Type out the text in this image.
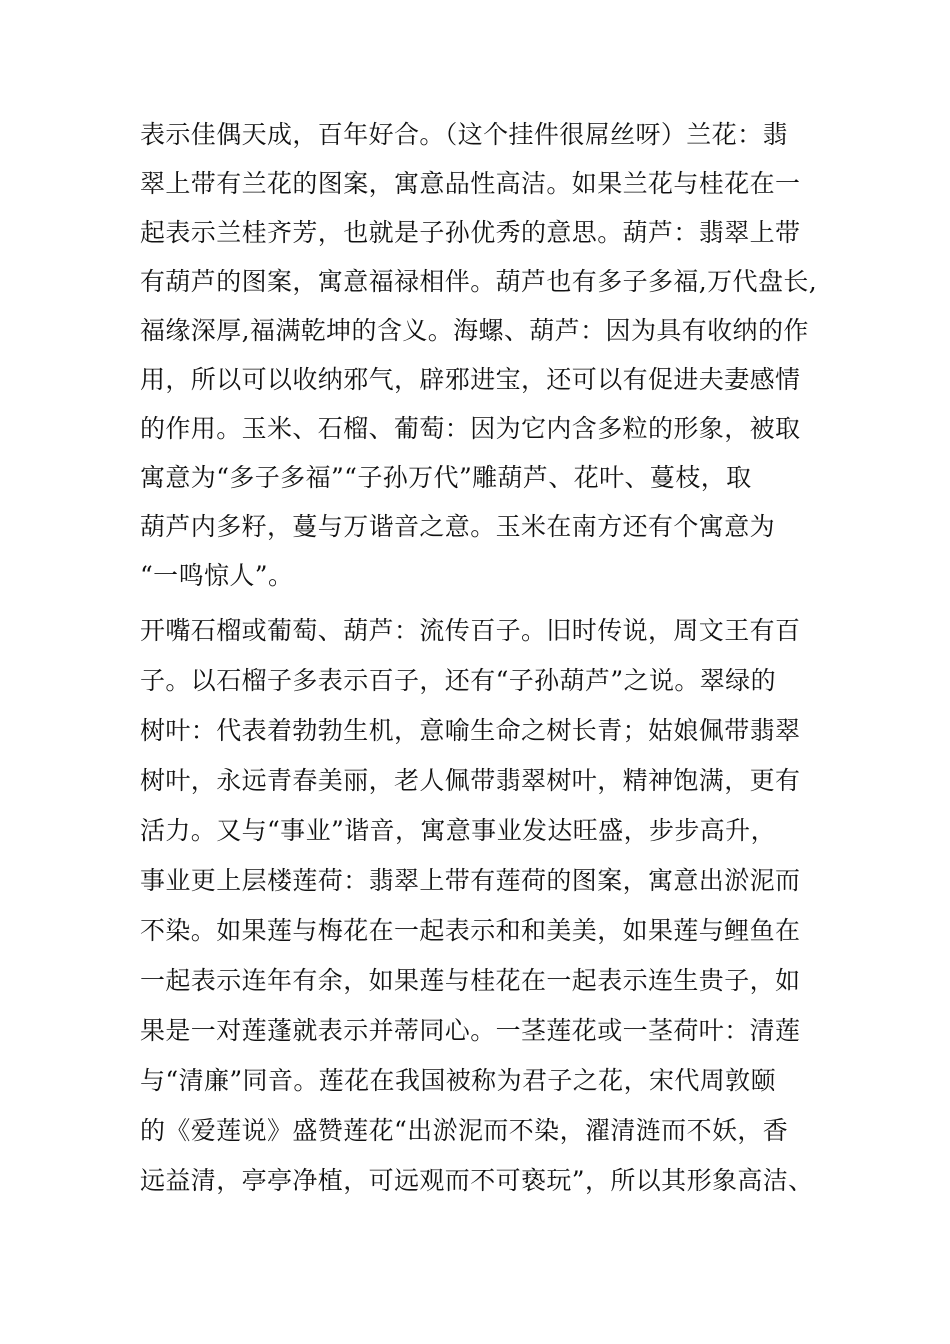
表示佳偶天成，百年好合。（这个挂件很屌丝呀）兰花：翡
翠上带有兰花的图案，寓意品性高洁。如果兰花与桂花在一
起表示兰桂齐芳，也就是子孙优秀的意思。葫芦：翡翠上带
有葫芦的图案，寓意福禄相伴。葫芦也有多子多福,万代盘长,
福缘深厚,福满乾坤的含义。海螺、葫芦：因为具有收纳的作
用，所以可以收纳邪气，辟邪进宝，还可以有促进夫妻感情
的作用。玉米、石榴、葡萄：因为它内含多粒的形象，被取
寓意为“多子多福”“子孙万代”雕葫芦、花叶、蔓枝，取
葫芦内多籽，蔓与万谐音之意。玉米在南方还有个寓意为
“一鸣惊人”。
开嘴石榴或葡萄、葫芦：流传百子。旧时传说，周文王有百
子。以石榴子多表示百子，还有“子孙葫芦”之说。翠绿的
树叶：代表着勃勃生机，意喻生命之树长青；姑娘佩带翡翠
树叶，永远青春美丽，老人佩带翡翠树叶，精神饱满，更有
活力。又与“事业”谐音，寓意事业发达旺盛，步步高升，
事业更上层楼莲荷：翡翠上带有莲荷的图案，寓意出淤泥而
不染。如果莲与梅花在一起表示和和美美，如果莲与鲤鱼在
一起表示连年有余，如果莲与桂花在一起表示连生贵子，如
果是一对莲蓬就表示并蒂同心。一茎莲花或一茎荷叶：清莲
与“清廉”同音。莲花在我国被称为君子之花，宋代周敦颐
的《爱莲说》盛赞莲花“出淤泥而不染，濯清涟而不妖，香
远益清，亭亭净植，可远观而不可亵玩”，所以其形象高洁、
